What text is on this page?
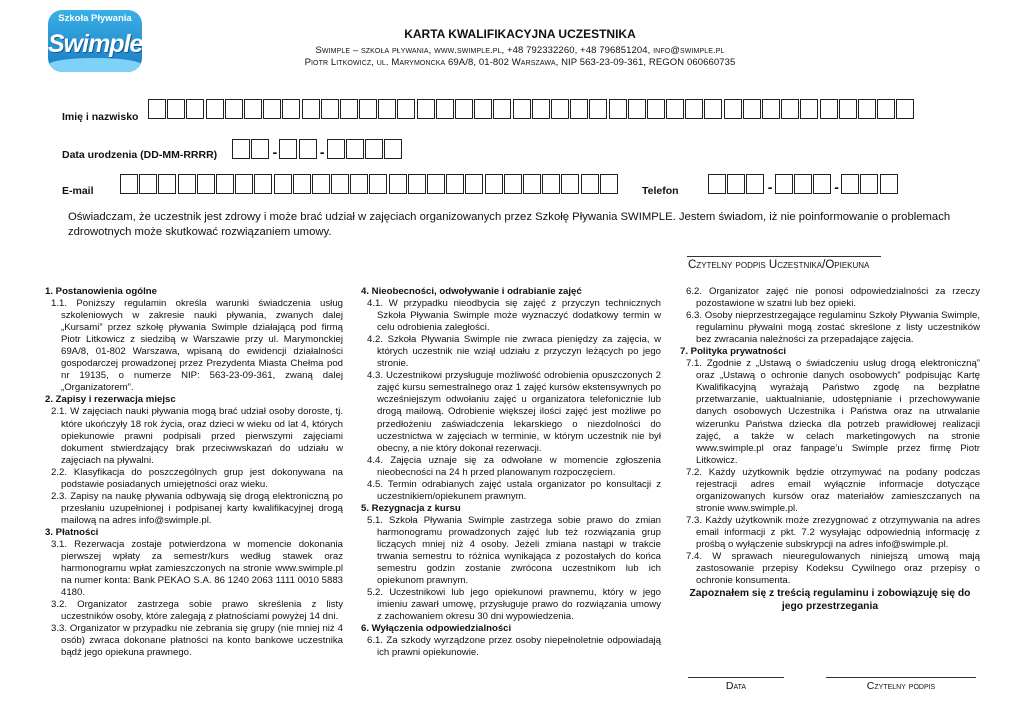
Szkoła Pływania
Swimple	KARTA KWALIFIKACYJNA UCZESTNIKA
Swimple – szkoła pływania, www.swimple.pl, +48 792332260, +48 796851204, info@swimple.pl
Piotr Litkowicz, ul. Marymoncka 69A/8, 01-802 Warszawa, NIP 563-23-09-361, REGON 060660735
Imię i nazwisko
Data urodzenia (DD-MM-RRRR)	-	-
E-mail	Telefon	-	-
Oświadczam, że uczestnik jest zdrowy i może brać udział w zajęciach organizowanych przez Szkołę Pływania SWIMPLE. Jestem świadom, iż nie poinformowanie o problemach zdrowotnych może skutkować rozwiązaniem umowy.
Czytelny podpis Uczestnika/Opiekuna
1. Postanowienia ogólne
1.1. Poniższy regulamin określa warunki świadczenia usług szkoleniowych w zakresie nauki pływania, zwanych dalej „Kursami” przez szkołę pływania Swimple działającą pod firmą Piotr Litkowicz z siedzibą w Warszawie przy ul. Marymonckiej 69A/8, 01-802 Warszawa, wpisaną do ewidencji działalności gospodarczej prowadzonej przez Prezydenta Miasta Chełma pod nr 19135, o numerze NIP: 563-23-09-361, zwaną dalej „Organizatorem”.
2. Zapisy i rezerwacja miejsc
2.1. W zajęciach nauki pływania mogą brać udział osoby doroste, tj. które ukończyły 18 rok życia, oraz dzieci w wieku od lat 4, których opiekunowie prawni podpisali przed pierwszymi zajęciami dokument stwierdzający brak przeciwwskazań do udziału w zajęciach na pływalni.
2.2. Klasyfikacja do poszczególnych grup jest dokonywana na podstawie posiadanych umiejętności oraz wieku.
2.3. Zapisy na naukę pływania odbywają się drogą elektroniczną po przesłaniu uzupełnionej i podpisanej karty kwalifikacyjnej drogą mailową na adres info@swimple.pl.
3. Płatności
3.1. Rezerwacja zostaje potwierdzona w momencie dokonania pierwszej wpłaty za semestr/kurs według stawek oraz harmonogramu wpłat zamieszczonych na stronie www.swimple.pl na numer konta: Bank PEKAO S.A. 86 1240 2063 1111 0010 5883 4180.
3.2. Organizator zastrzega sobie prawo skreślenia z listy uczestników osoby, które zalegają z płatnościami powyżej 14 dni.
3.3. Organizator w przypadku nie zebrania się grupy (nie mniej niż 4 osób) zwraca dokonane płatności na konto bankowe uczestnika bądź jego opiekuna prawnego.
4. Nieobecności, odwoływanie i odrabianie zajęć
4.1. W przypadku nieodbycia się zajęć z przyczyn technicznych Szkoła Pływania Swimple może wyznaczyć dodatkowy termin w celu odrobienia zaległości.
4.2. Szkoła Pływania Swimple nie zwraca pieniędzy za zajęcia, w których uczestnik nie wziął udziału z przyczyn leżących po jego stronie.
4.3. Uczestnikowi przysługuje możliwość odrobienia opuszczonych 2 zajęć kursu semestralnego oraz 1 zajęć kursów ekstensywnych po wcześniejszym odwołaniu zajęć u organizatora telefonicznie lub drogą mailową. Odrobienie większej ilości zajęć jest możliwe po przedłożeniu zaświadczenia lekarskiego o niezdolności do uczestnictwa w zajęciach w terminie, w którym uczestnik nie był obecny, a nie który dokonał rezerwacji.
4.4. Zajęcia uznaje się za odwołane w momencie zgłoszenia nieobecności na 24 h przed planowanym rozpoczęciem.
4.5. Termin odrabianych zajęć ustala organizator po konsultacji z uczestnikiem/opiekunem prawnym.
5. Rezygnacja z kursu
5.1. Szkoła Pływania Swimple zastrzega sobie prawo do zmian harmonogramu prowadzonych zajęć lub też rozwiązania grup liczących mniej niż 4 osoby. Jeżeli zmiana nastąpi w trakcie trwania semestru to różnica wynikająca z pozostałych do końca semestru godzin zostanie zwrócona uczestnikom lub ich opiekunom prawnym.
5.2. Uczestnikowi lub jego opiekunowi prawnemu, który w jego imieniu zawarł umowę, przysługuje prawo do rozwiązania umowy z zachowaniem okresu 30 dni wypowiedzenia.
6. Wyłączenia odpowiedzialności
6.1. Za szkody wyrządzone przez osoby niepełnoletnie odpowiadają ich prawni opiekunowie.
6.2. Organizator zajęć nie ponosi odpowiedzialności za rzeczy pozostawione w szatni lub bez opieki.
6.3. Osoby nieprzestrzegające regulaminu Szkoły Pływania Swimple, regulaminu pływalni mogą zostać skreślone z listy uczestników bez zwracania należności za przepadające zajęcia.
7. Polityka prywatności
7.1. Zgodnie z „Ustawą o świadczeniu usług drogą elektroniczną” oraz „Ustawą o ochronie danych osobowych” podpisując Kartę Kwalifikacyjną wyrażają Państwo zgodę na bezpłatne przetwarzanie, uaktualnianie, udostępnianie i przechowywanie danych osobowych Uczestnika i Państwa oraz na utrwalanie wizerunku Państwa dziecka dla potrzeb prawidłowej realizacji zajęć, a także w celach marketingowych na stronie www.swimple.pl oraz fanpage’u Swimple przez firmę Piotr Litkowicz.
7.2. Każdy użytkownik będzie otrzymywać na podany podczas rejestracji adres email wyłącznie informacje dotyczące organizowanych kursów oraz materiałów zamieszczanych na stronie www.swimple.pl.
7.3. Każdy użytkownik może zrezygnować z otrzymywania na adres email informacji z pkt. 7.2 wysyłając odpowiednią informację z prośbą o wyłączenie subskrypcji na adres info@swimple.pl.
7.4. W sprawach nieuregulowanych niniejszą umową mają zastosowanie przepisy Kodeksu Cywilnego oraz przepisy o ochronie konsumenta.
Zapoznałem się z treścią regulaminu i zobowiązuję się do jego przestrzegania
Data	Czytelny podpis
